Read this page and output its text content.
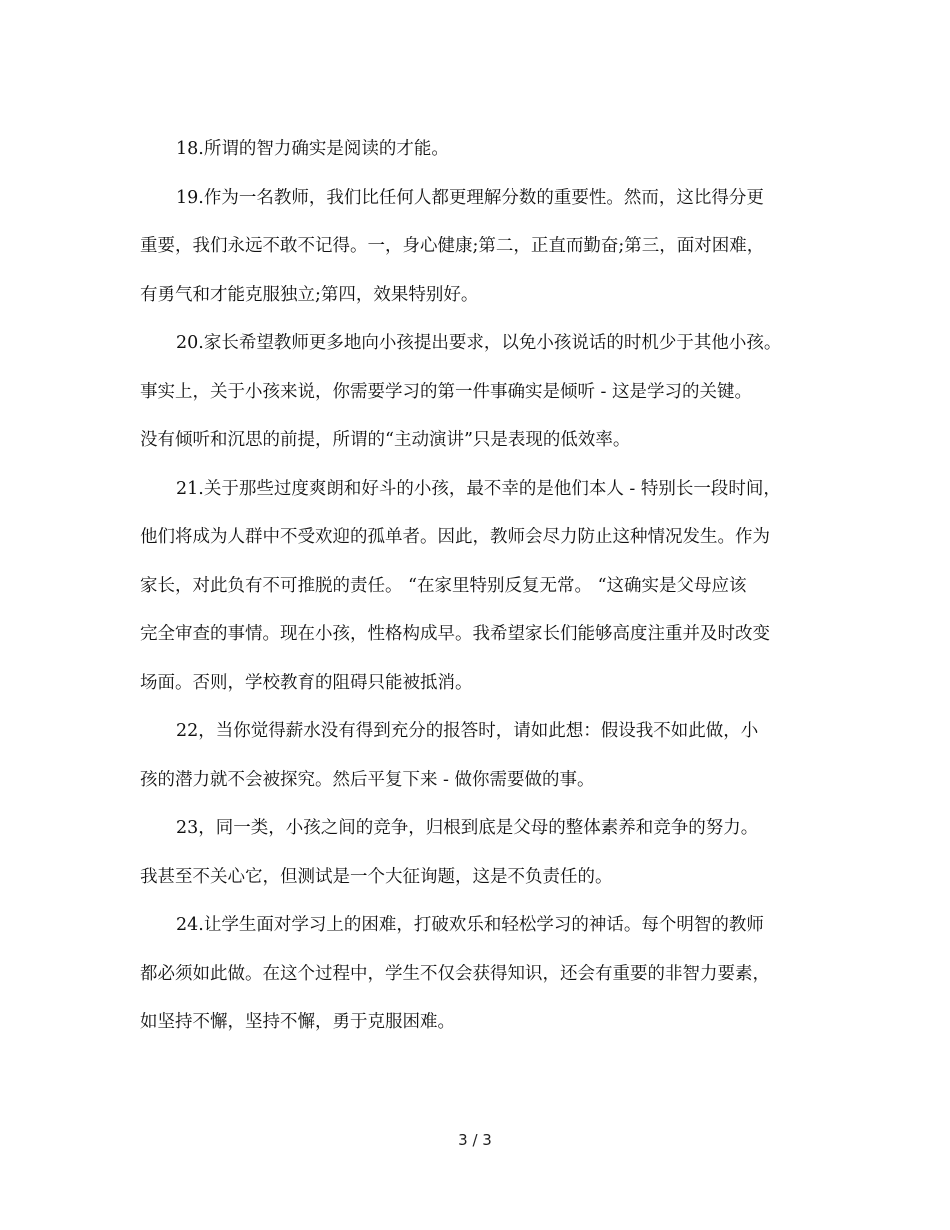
18.所谓的智力确实是阅读的才能。

19.作为一名教师，我们比任何人都更理解分数的重要性。然而，这比得分更

重要，我们永远不敢不记得。一，身心健康;第二，正直而勤奋;第三，面对困难，

有勇气和才能克服独立;第四，效果特别好。

20.家长希望教师更多地向小孩提出要求，以免小孩说话的时机少于其他小孩。

事实上，关于小孩来说，你需要学习的第一件事确实是倾听 - 这是学习的关键。

没有倾听和沉思的前提，所谓的“主动演讲”只是表现的低效率。

21.关于那些过度爽朗和好斗的小孩，最不幸的是他们本人 - 特别长一段时间，

他们将成为人群中不受欢迎的孤单者。因此，教师会尽力防止这种情况发生。作为

家长，对此负有不可推脱的责任。 “在家里特别反复无常。 “这确实是父母应该

完全审查的事情。现在小孩，性格构成早。我希望家长们能够高度注重并及时改变

场面。否则，学校教育的阻碍只能被抵消。

22，当你觉得薪水没有得到充分的报答时，请如此想：假设我不如此做，小

孩的潜力就不会被探究。然后平复下来 - 做你需要做的事。

23，同一类，小孩之间的竞争，归根到底是父母的整体素养和竞争的努力。

我甚至不关心它，但测试是一个大征询题，这是不负责任的。

24.让学生面对学习上的困难，打破欢乐和轻松学习的神话。每个明智的教师

都必须如此做。在这个过程中，学生不仅会获得知识，还会有重要的非智力要素，

如坚持不懈，坚持不懈，勇于克服困难。

3 / 3
